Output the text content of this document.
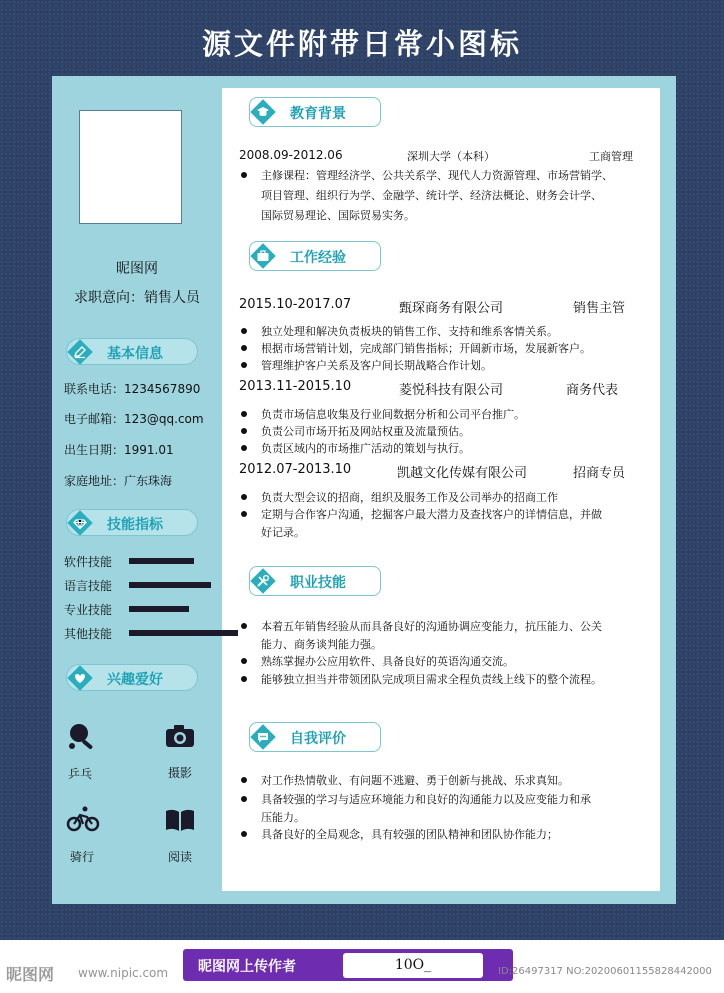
源文件附带日常小图标
昵图网
求职意向：销售人员
基本信息
联系电话：1234567890
电子邮箱：123@qq.com
出生日期：1991.01
家庭地址：广东珠海
技能指标
软件技能
语言技能
专业技能
其他技能
兴趣爱好
乒乓	摄影
骑行	阅读
教育背景
2008.09-2012.06	深圳大学（本科）	工商管理
主修课程：管理经济学、公共关系学、现代人力资源管理、市场营销学、
项目管理、组织行为学、金融学、统计学、经济法概论、财务会计学、
国际贸易理论、国际贸易实务。
工作经验
2015.10-2017.07	甄琛商务有限公司	销售主管
独立处理和解决负责板块的销售工作、支持和维系客情关系。
根据市场营销计划，完成部门销售指标；开阔新市场，发展新客户。
管理维护客户关系及客户间长期战略合作计划。
2013.11-2015.10	菱悦科技有限公司	商务代表
负责市场信息收集及行业间数据分析和公司平台推广。
负责公司市场开拓及网站权重及流量预估。
负责区域内的市场推广活动的策划与执行。
2012.07-2013.10	凯越文化传媒有限公司	招商专员
负责大型会议的招商，组织及服务工作及公司举办的招商工作
定期与合作客户沟通，挖掘客户最大潜力及查找客户的详情信息，并做
好记录。
职业技能
本着五年销售经验从而具备良好的沟通协调应变能力，抗压能力、公关
能力、商务谈判能力强。
熟练掌握办公应用软件、具备良好的英语沟通交流。
能够独立担当并带领团队完成项目需求全程负责线上线下的整个流程。
自我评价
对工作热情敬业、有问题不逃避、勇于创新与挑战、乐求真知。
具备较强的学习与适应环境能力和良好的沟通能力以及应变能力和承
压能力。
具备良好的全局观念，具有较强的团队精神和团队协作能力；
昵图网 www.nipic.com 昵图网上传作者	10O_	ID:26497317 NO:20200601155828442000
